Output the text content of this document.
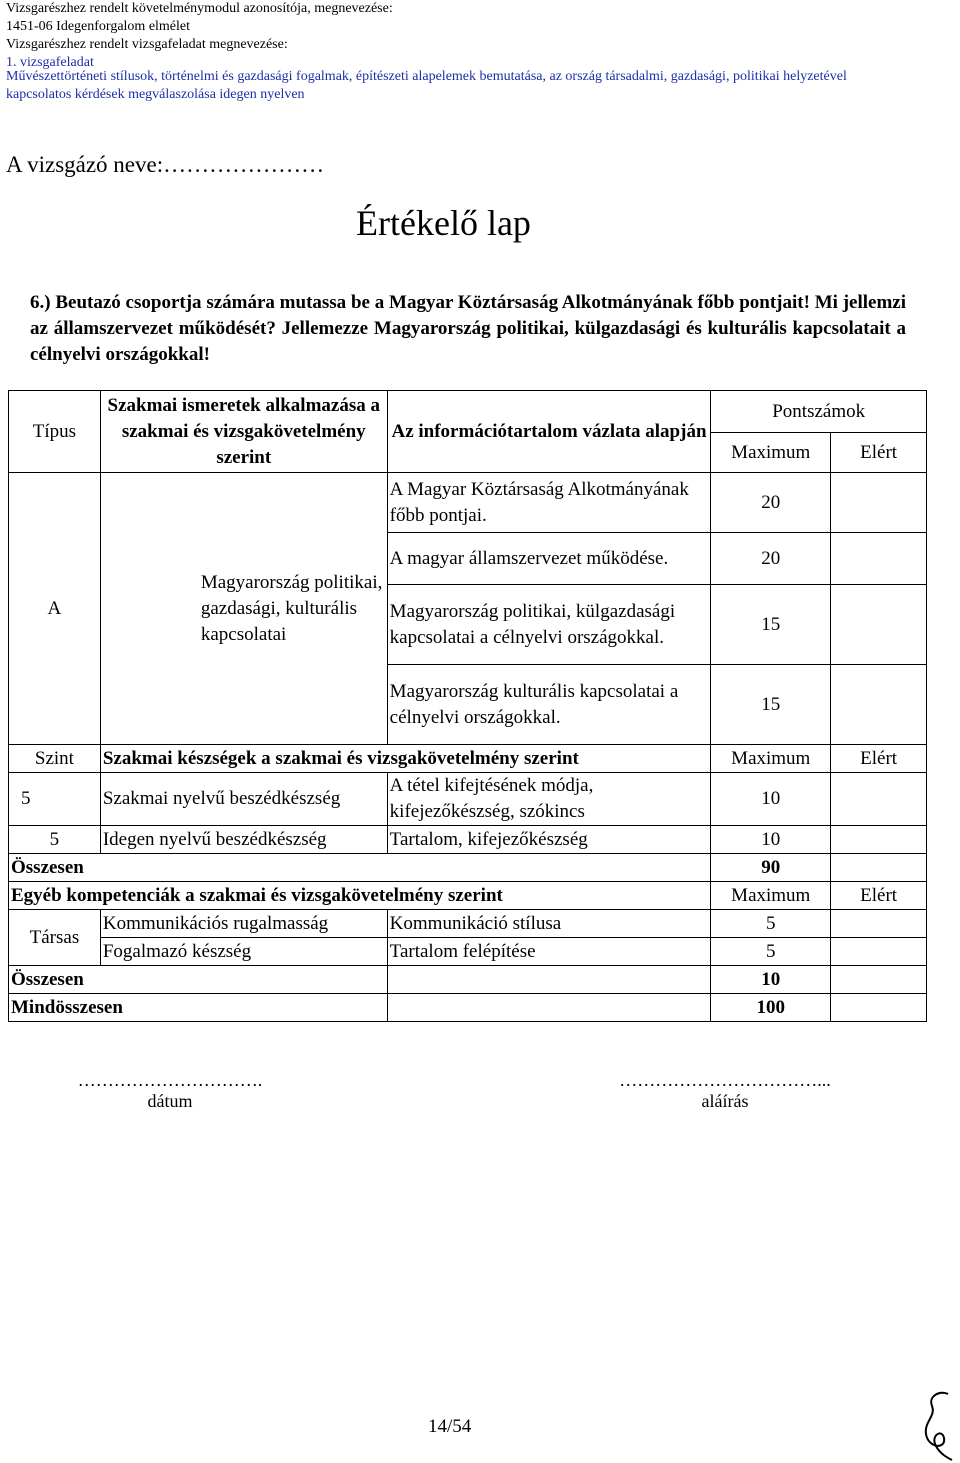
Vizsgarészhez rendelt követelménymodul azonosítója, megnevezése:
1451-06 Idegenforgalom elmélet
Vizsgarészhez rendelt vizsgafeladat megnevezése:
1. vizsgafeladat
Művészettörténeti stílusok, történelmi és gazdasági fogalmak, építészeti alapelemek bemutatása, az ország társadalmi, gazdasági, politikai helyzetével
kapcsolatos kérdések megválaszolása idegen nyelven
A vizsgázó neve:…………………
Értékelő lap
6.) Beutazó csoportja számára mutassa be a Magyar Köztársaság Alkotmányának főbb pontjait! Mi jellemzi az államszervezet működését? Jellemezze Magyarország politikai, külgazdasági és kulturális kapcsolatait a célnyelvi országokkal!
Típus	Szakmai ismeretek alkalmazása a szakmai és vizsgakövetelmény szerint	Az információtartalom vázlata alapján	Pontszámok	
			Maximum	Elért
A	Magyarország politikai, gazdasági, kulturális kapcsolatai	A Magyar Köztársaság Alkotmányának főbb pontjai.	20	
		A magyar államszervezet működése.	20	
		Magyarország politikai, külgazdasági kapcsolatai a célnyelvi országokkal.	15	
		Magyarország kulturális kapcsolatai a célnyelvi országokkal.	15	
Szint	Szakmai készségek a szakmai és vizsgakövetelmény szerint		Maximum	Elért
5	Szakmai nyelvű beszédkészség	A tétel kifejtésének módja, kifejezőkészség, szókincs	10	
5	Idegen nyelvű beszédkészség	Tartalom, kifejezőkészség	10	
Összesen			90	
Egyéb kompetenciák a szakmai és vizsgakövetelmény szerint			Maximum	Elért
Társas	Kommunikációs rugalmasság	Kommunikáció stílusa	5	
	Fogalmazó készség	Tartalom felépítése	5	
Összesen			10	
Mindösszesen			100	
………………………….
dátum
……………………………...
aláírás
14/54
